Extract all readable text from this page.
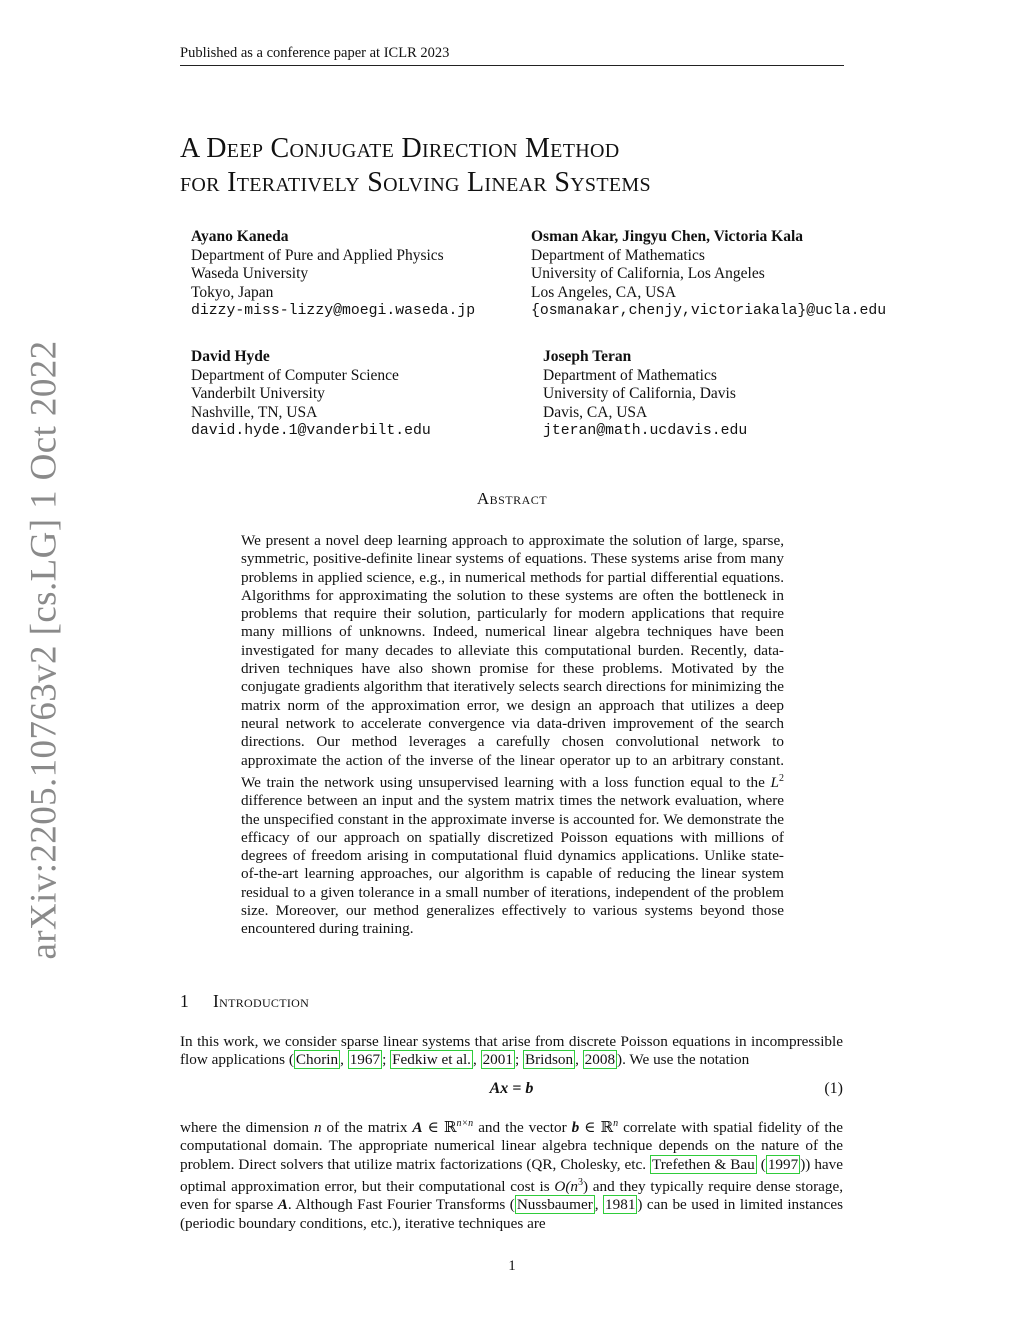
Published as a conference paper at ICLR 2023
arXiv:2205.10763v2 [cs.LG] 1 Oct 2022
A Deep Conjugate Direction Method
for Iteratively Solving Linear Systems
Ayano Kaneda
Department of Pure and Applied Physics
Waseda University
Tokyo, Japan
dizzy-miss-lizzy@moegi.waseda.jp
Osman Akar, Jingyu Chen, Victoria Kala
Department of Mathematics
University of California, Los Angeles
Los Angeles, CA, USA
{osmanakar,chenjy,victoriakala}@ucla.edu
David Hyde
Department of Computer Science
Vanderbilt University
Nashville, TN, USA
david.hyde.1@vanderbilt.edu
Joseph Teran
Department of Mathematics
University of California, Davis
Davis, CA, USA
jteran@math.ucdavis.edu
Abstract
We present a novel deep learning approach to approximate the solution of large, sparse, symmetric, positive-definite linear systems of equations. These systems arise from many problems in applied science, e.g., in numerical methods for partial differential equations. Algorithms for approximating the solution to these systems are often the bottleneck in problems that require their solution, particularly for modern applications that require many millions of unknowns. Indeed, numerical linear algebra techniques have been investigated for many decades to alleviate this computational burden. Recently, data-driven techniques have also shown promise for these problems. Motivated by the conjugate gradients algorithm that iteratively selects search directions for minimizing the matrix norm of the approximation error, we design an approach that utilizes a deep neural network to accelerate convergence via data-driven improvement of the search directions. Our method leverages a carefully chosen convolutional network to approximate the action of the inverse of the linear operator up to an arbitrary constant. We train the network using unsupervised learning with a loss function equal to the $L^2$ difference between an input and the system matrix times the network evaluation, where the unspecified constant in the approximate inverse is accounted for. We demonstrate the efficacy of our approach on spatially discretized Poisson equations with millions of degrees of freedom arising in computational fluid dynamics applications. Unlike state-of-the-art learning approaches, our algorithm is capable of reducing the linear system residual to a given tolerance in a small number of iterations, independent of the problem size. Moreover, our method generalizes effectively to various systems beyond those encountered during training.
1 Introduction
In this work, we consider sparse linear systems that arise from discrete Poisson equations in incompressible flow applications ( Chorin , 1967 ; Fedkiw et al. , 2001 ; Bridson , 2008 ). We use the notation
Ax = b	(1)
where the dimension n of the matrix A ∈ ℝ$^{n\times n}$ and the vector b ∈ ℝ$^n$ correlate with spatial fidelity of the computational domain. The appropriate numerical linear algebra technique depends on the nature of the problem. Direct solvers that utilize matrix factorizations (QR, Cholesky, etc. Trefethen & Bau ( 1997 )) have optimal approximation error, but their computational cost is $O(n^3)$ and they typically require dense storage, even for sparse A. Although Fast Fourier Transforms ( Nussbaumer , 1981 ) can be used in limited instances (periodic boundary conditions, etc.), iterative techniques are
1
